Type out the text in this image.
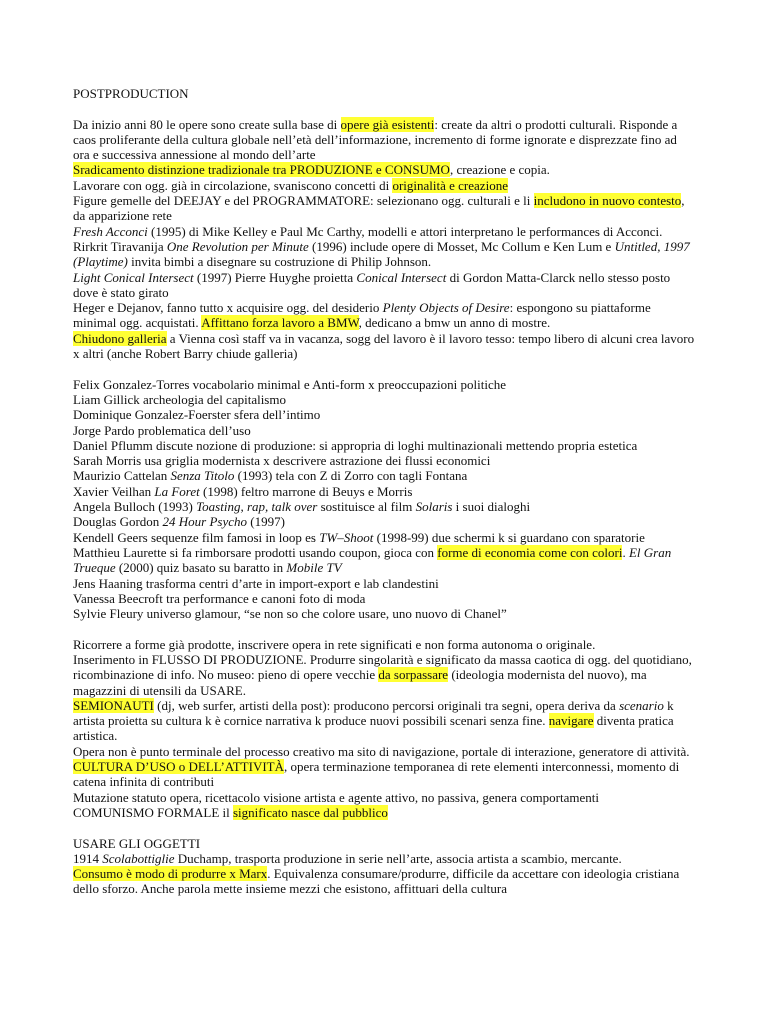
POSTPRODUCTION
Da inizio anni 80 le opere sono create sulla base di opere già esistenti: create da altri o prodotti culturali. Risponde a caos proliferante della cultura globale nell’età dell’informazione, incremento di forme ignorate e disprezzate fino ad ora e successiva annessione al mondo dell’arte
Sradicamento distinzione tradizionale tra PRODUZIONE e CONSUMO, creazione e copia.
Lavorare con ogg. già in circolazione, svaniscono concetti di originalità e creazione
Figure gemelle del DEEJAY e del PROGRAMMATORE: selezionano ogg. culturali e li includono in nuovo contesto, da apparizione rete
Fresh Acconci (1995) di Mike Kelley e Paul Mc Carthy, modelli e attori interpretano le performances di Acconci.
Rirkrit Tiravanija One Revolution per Minute (1996) include opere di Mosset, Mc Collum e Ken Lum e Untitled, 1997 (Playtime) invita bimbi a disegnare su costruzione di Philip Johnson.
Light Conical Intersect (1997) Pierre Huyghe proietta Conical Intersect di Gordon Matta-Clarck nello stesso posto dove è stato girato
Heger e Dejanov, fanno tutto x acquisire ogg. del desiderio Plenty Objects of Desire: espongono su piattaforme minimal ogg. acquistati. Affittano forza lavoro a BMW, dedicano a bmw un anno di mostre.
Chiudono galleria a Vienna così staff va in vacanza, sogg del lavoro è il lavoro tesso: tempo libero di alcuni crea lavoro x altri (anche Robert Barry chiude galleria)
Felix Gonzalez-Torres vocabolario minimal e Anti-form x preoccupazioni politiche
Liam Gillick archeologia del capitalismo
Dominique Gonzalez-Foerster sfera dell’intimo
Jorge Pardo problematica dell’uso
Daniel Pflumm discute nozione di produzione: si appropria di loghi multinazionali mettendo propria estetica
Sarah Morris usa griglia modernista x descrivere astrazione dei flussi economici
Maurizio Cattelan Senza Titolo (1993) tela con Z di Zorro con tagli Fontana
Xavier Veilhan La Foret (1998) feltro marrone di Beuys e Morris
Angela Bulloch (1993) Toasting, rap, talk over sostituisce al film Solaris i suoi dialoghi
Douglas Gordon 24 Hour Psycho (1997)
Kendell Geers sequenze film famosi in loop es TW–Shoot (1998-99) due schermi k si guardano con sparatorie
Matthieu Laurette si fa rimborsare prodotti usando coupon, gioca con forme di economia come con colori. El Gran Trueque (2000) quiz basato su baratto in Mobile TV
Jens Haaning trasforma centri d’arte in import-export e lab clandestini
Vanessa Beecroft tra performance e canoni foto di moda
Sylvie Fleury universo glamour, “se non so che colore usare, uno nuovo di Chanel”
Ricorrere a forme già prodotte, inscrivere opera in rete significati e non forma autonoma o originale.
Inserimento in FLUSSO DI PRODUZIONE. Produrre singolarità e significato da massa caotica di ogg. del quotidiano, ricombinazione di info. No museo: pieno di opere vecchie da sorpassare (ideologia modernista del nuovo), ma magazzini di utensili da USARE.
SEMIONAUTI (dj, web surfer, artisti della post): producono percorsi originali tra segni, opera deriva da scenario k artista proietta su cultura k è cornice narrativa k produce nuovi possibili scenari senza fine. navigare diventa pratica artistica.
Opera non è punto terminale del processo creativo ma sito di navigazione, portale di interazione, generatore di attività. CULTURA D’USO o DELL’ATTIVITÀ, opera terminazione temporanea di rete elementi interconnessi, momento di catena infinita di contributi
Mutazione statuto opera, ricettacolo visione artista e agente attivo, no passiva, genera comportamenti
COMUNISMO FORMALE il significato nasce dal pubblico
USARE GLI OGGETTI
1914 Scolabottiglie Duchamp, trasporta produzione in serie nell’arte, associa artista a scambio, mercante.
Consumo è modo di produrre x Marx. Equivalenza consumare/produrre, difficile da accettare con ideologia cristiana dello sforzo. Anche parola mette insieme mezzi che esistono, affittuari della cultura
